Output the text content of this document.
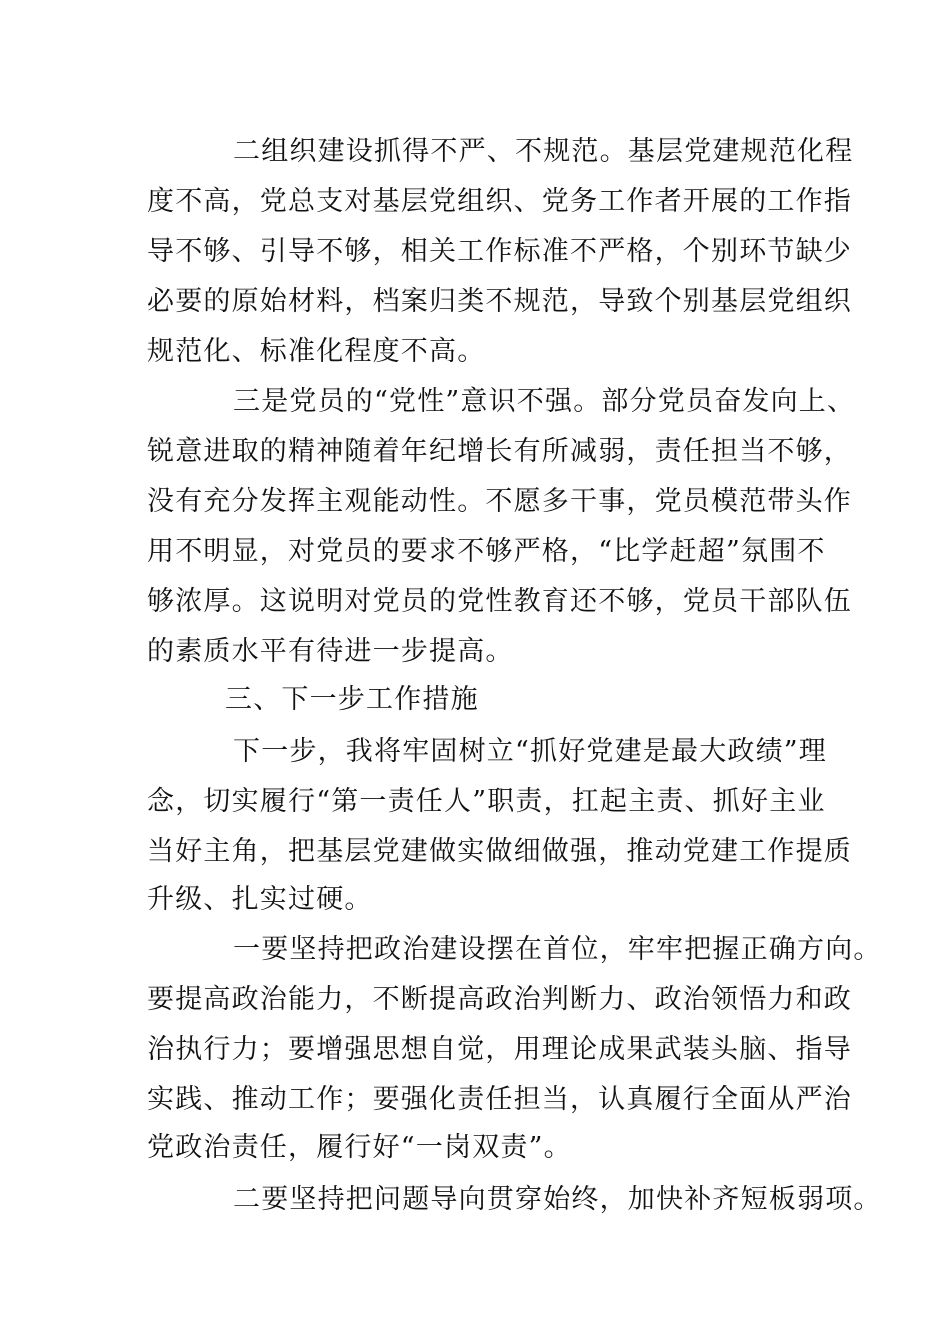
二组织建设抓得不严、不规范。基层党建规范化程
度不高，党总支对基层党组织、党务工作者开展的工作指
导不够、引导不够，相关工作标准不严格，个别环节缺少
必要的原始材料，档案归类不规范，导致个别基层党组织
规范化、标准化程度不高。
三是党员的“党性”意识不强。部分党员奋发向上、
锐意进取的精神随着年纪增长有所减弱，责任担当不够，
没有充分发挥主观能动性。不愿多干事，党员模范带头作
用不明显，对党员的要求不够严格，“比学赶超”氛围不
够浓厚。这说明对党员的党性教育还不够，党员干部队伍
的素质水平有待进一步提高。
三、下一步工作措施
下一步，我将牢固树立“抓好党建是最大政绩”理
念，切实履行“第一责任人”职责，扛起主责、抓好主业
当好主角，把基层党建做实做细做强，推动党建工作提质
升级、扎实过硬。
一要坚持把政治建设摆在首位，牢牢把握正确方向。
要提高政治能力，不断提高政治判断力、政治领悟力和政
治执行力；要增强思想自觉，用理论成果武装头脑、指导
实践、推动工作；要强化责任担当，认真履行全面从严治
党政治责任，履行好“一岗双责”。
二要坚持把问题导向贯穿始终，加快补齐短板弱项。
